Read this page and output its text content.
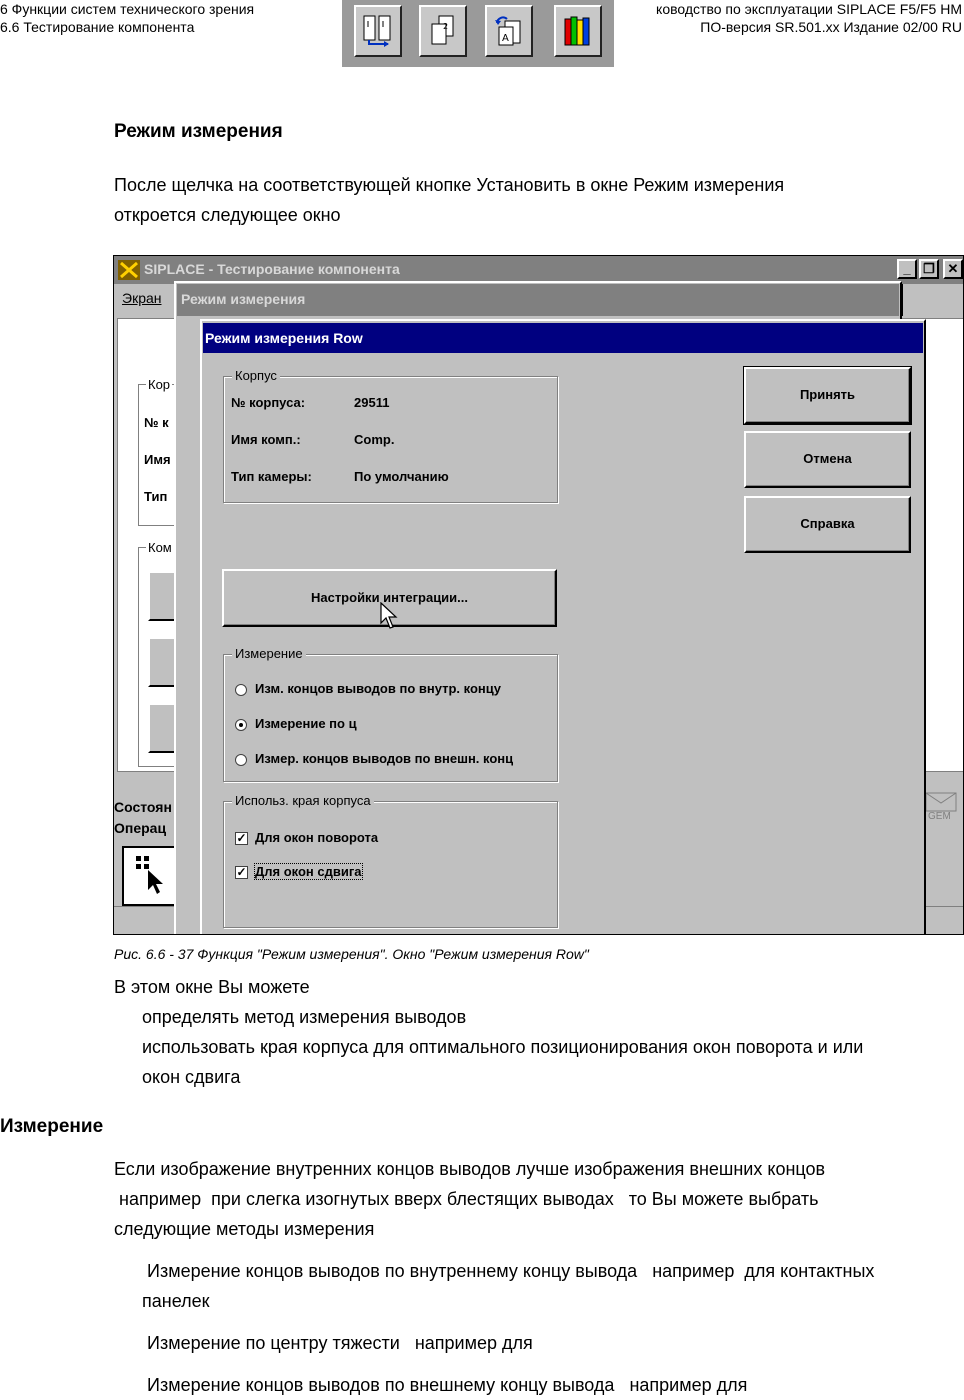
6 Функции систем технического зрения
6.6 Тестирование компонента
ководство по эксплуатации SIPLACE F5/F5 HM
ПО-версия SR.501.xx Издание 02/00 RU
2
A
Режим измерения
После щелчка на соответствующей кнопке Установить в окне Режим измерения
откроется следующее окно
SIPLACE - Тестирование компонента	_ ❐ ✕
Экран
Кор
№ к
Имя
Тип
Ком
Состоян
Операц
GEM
Режим измерения
Режим измерения Row
Корпус
№ корпуса:	29511
Имя комп.:	Comp.
Тип камеры:	По умолчанию
Принять
Отмена
Справка
Настройки интеграции...
Измерение
Изм. концов выводов по внутр. концу
Измерение по ц
Измер. концов выводов по внешн. конц
Использ. края корпуса
✓ Для окон поворота
✓ Для окон сдвига
Рис. 6.6 - 37 Функция "Режим измерения". Окно "Режим измерения Row"
В этом окне Вы можете
определять метод измерения выводов
использовать края корпуса для оптимального позиционирования окон поворота и или
окон сдвига
Измерение
Если изображение внутренних концов выводов лучше изображения внешних концов
например  при слегка изогнутых вверх блестящих выводах   то Вы можете выбрать
следующие методы измерения
Измерение концов выводов по внутреннему концу вывода   например  для контактных
панелек
Измерение по центру тяжести   например для
Измерение концов выводов по внешнему концу вывода   например для
